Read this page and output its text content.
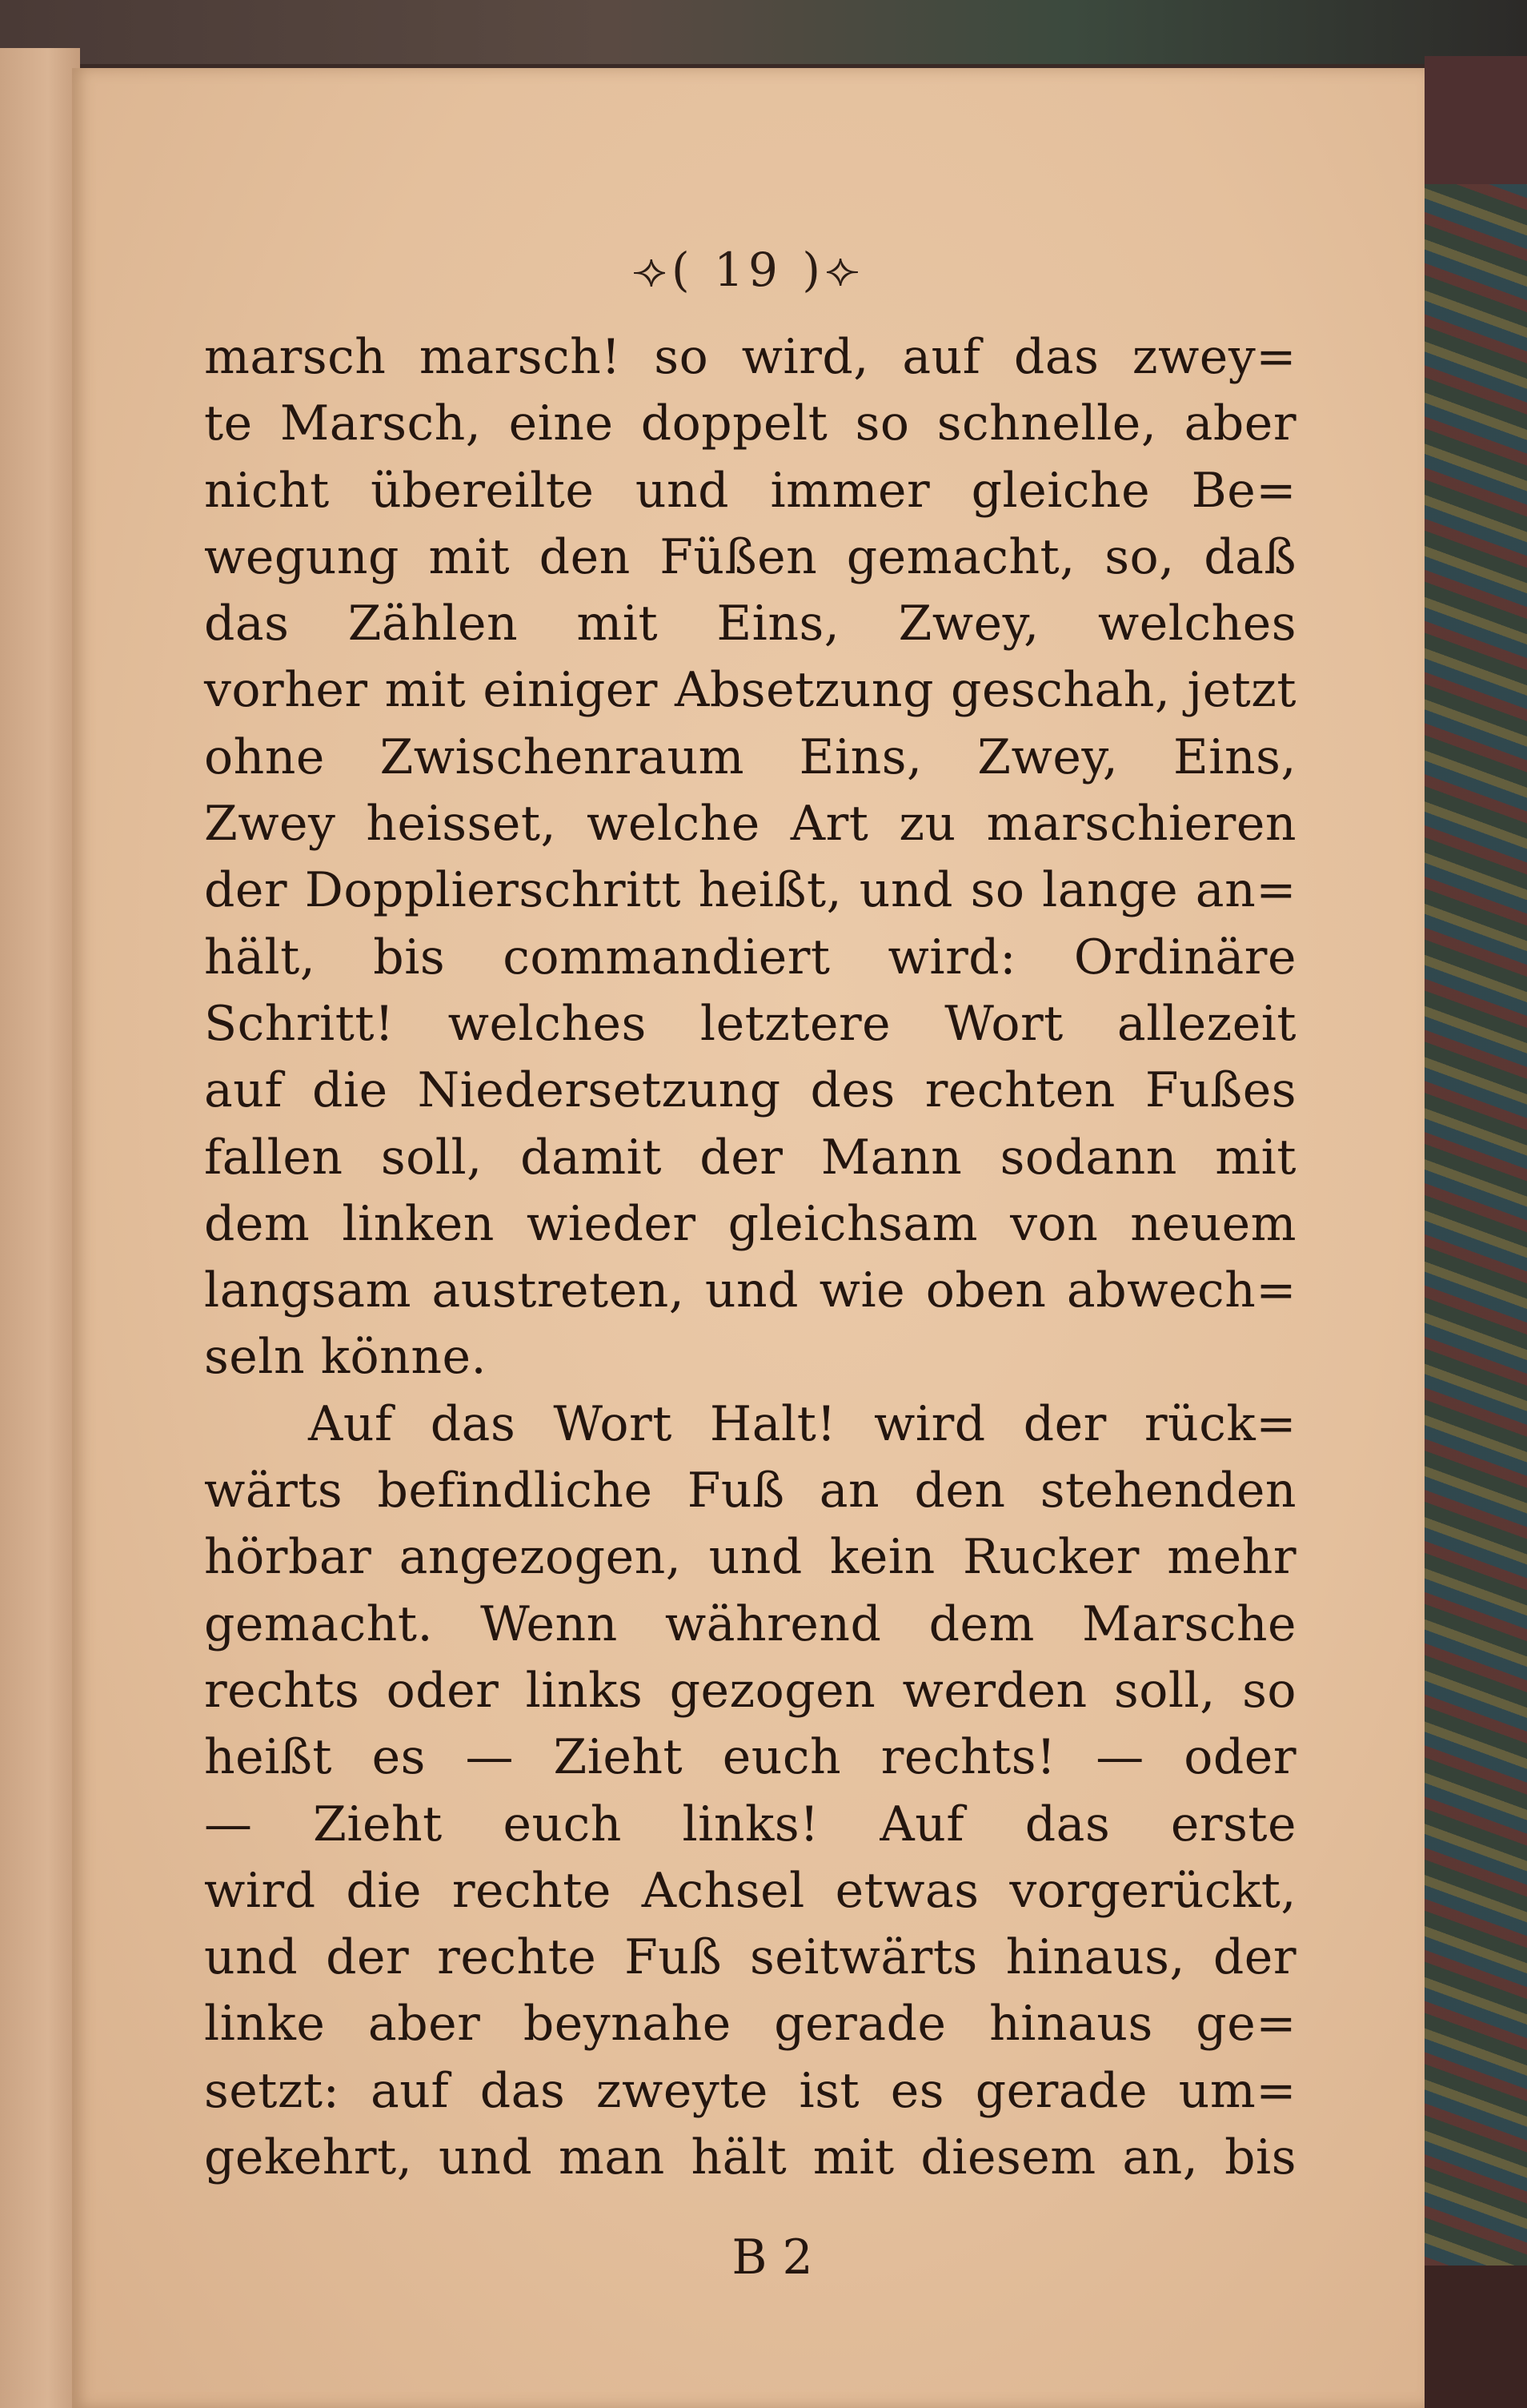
⟢( 19 )⟣
marsch marsch! so wird, auf das zwey=
te Marsch, eine doppelt so schnelle, aber
nicht übereilte und immer gleiche Be=
wegung mit den Füßen gemacht, so, daß
das Zählen mit Eins, Zwey, welches
vorher mit einiger Absetzung geschah, jetzt
ohne Zwischenraum Eins, Zwey, Eins,
Zwey heisset, welche Art zu marschieren
der Dopplierschritt heißt, und so lange an=
hält, bis commandiert wird: Ordinäre
Schritt! welches letztere Wort allezeit
auf die Niedersetzung des rechten Fußes
fallen soll, damit der Mann sodann mit
dem linken wieder gleichsam von neuem
langsam austreten, und wie oben abwech=
seln könne.
Auf das Wort Halt! wird der rück=
wärts befindliche Fuß an den stehenden
hörbar angezogen, und kein Rucker mehr
gemacht. Wenn während dem Marsche
rechts oder links gezogen werden soll, so
heißt es — Zieht euch rechts! — oder
— Zieht euch links! Auf das erste
wird die rechte Achsel etwas vorgerückt,
und der rechte Fuß seitwärts hinaus, der
linke aber beynahe gerade hinaus ge=
setzt: auf das zweyte ist es gerade um=
gekehrt, und man hält mit diesem an, bis
B 2
